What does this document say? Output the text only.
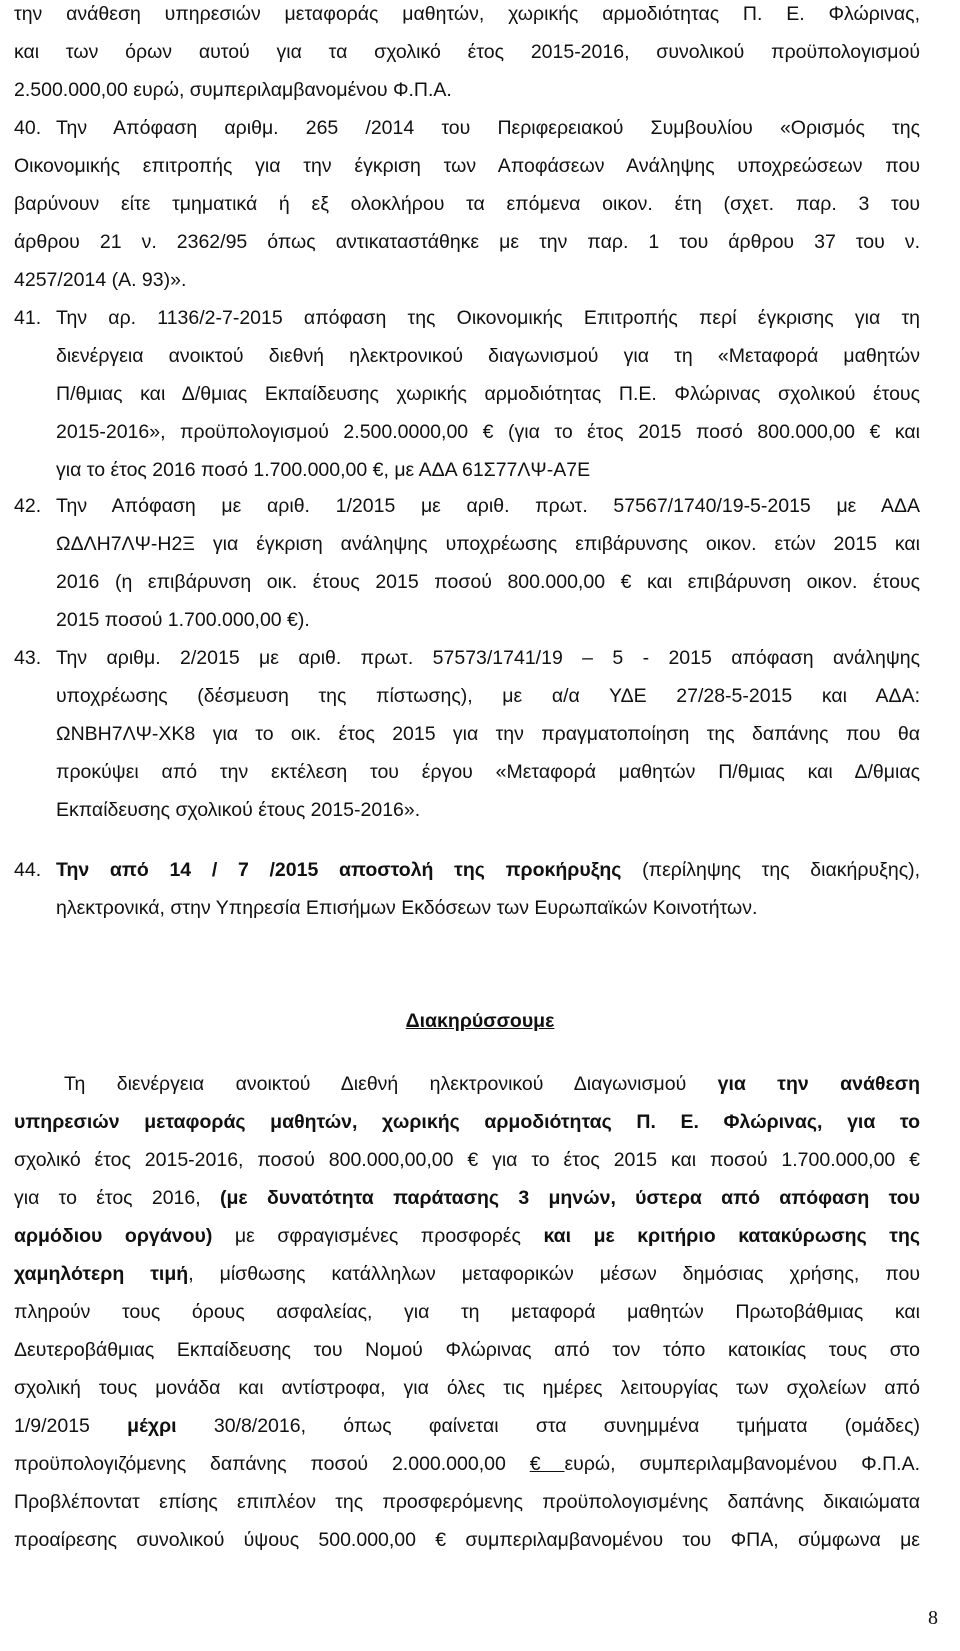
την ανάθεση υπηρεσιών μεταφοράς μαθητών, χωρικής αρμοδιότητας Π. Ε. Φλώρινας,
και των όρων αυτού για τα σχολικό έτος 2015-2016, συνολικού προϋπολογισμού
2.500.000,00 ευρώ, συμπεριλαμβανομένου Φ.Π.Α.
40. Την Απόφαση αριθμ. 265 /2014 του Περιφερειακού Συμβουλίου «Ορισμός της
Οικονομικής επιτροπής για την έγκριση των Αποφάσεων Ανάληψης υποχρεώσεων που
βαρύνουν είτε τμηματικά ή εξ ολοκλήρου τα επόμενα οικον. έτη (σχετ. παρ. 3 του
άρθρου 21 ν. 2362/95 όπως αντικαταστάθηκε με την παρ. 1 του άρθρου 37 του ν.
4257/2014 (Α. 93)».
41. Την αρ. 1136/2-7-2015 απόφαση της Οικονομικής Επιτροπής περί έγκρισης για τη
διενέργεια ανοικτού διεθνή ηλεκτρονικού διαγωνισμού για τη «Μεταφορά μαθητών
Π/θμιας και Δ/θμιας Εκπαίδευσης χωρικής αρμοδιότητας Π.Ε. Φλώρινας σχολικού έτους
2015-2016», προϋπολογισμού 2.500.0000,00 € (για το έτος 2015 ποσό 800.000,00 € και
για το έτος 2016 ποσό 1.700.000,00 €, με ΑΔΑ 61Σ77ΛΨ-Α7Ε
42. Την Απόφαση με αριθ. 1/2015 με αριθ. πρωτ. 57567/1740/19-5-2015 με ΑΔΑ
ΩΔΛΗ7ΛΨ-Η2Ξ για έγκριση ανάληψης υποχρέωσης επιβάρυνσης οικον. ετών 2015 και
2016 (η επιβάρυνση οικ. έτους 2015 ποσού 800.000,00 € και επιβάρυνση οικον. έτους
2015 ποσού 1.700.000,00 €).
43. Την αριθμ. 2/2015 με αριθ. πρωτ. 57573/1741/19 – 5 - 2015 απόφαση ανάληψης
υποχρέωσης (δέσμευση της πίστωσης), με α/α ΥΔΕ 27/28-5-2015 και ΑΔΑ:
ΩΝΒΗ7ΛΨ-ΧΚ8 για το οικ. έτος 2015 για την πραγματοποίηση της δαπάνης που θα
προκύψει από την εκτέλεση του έργου «Μεταφορά μαθητών Π/θμιας και Δ/θμιας
Εκπαίδευσης σχολικού έτους 2015-2016».
44. Την από 14 / 7 /2015 αποστολή της προκήρυξης (περίληψης της διακήρυξης),
ηλεκτρονικά, στην Υπηρεσία Επισήμων Εκδόσεων των Ευρωπαϊκών Κοινοτήτων.
Διακηρύσσουμε
Τη διενέργεια ανοικτού Διεθνή ηλεκτρονικού Διαγωνισμού για την ανάθεση
υπηρεσιών μεταφοράς μαθητών, χωρικής αρμοδιότητας Π. Ε. Φλώρινας, για το
σχολικό έτος 2015-2016, ποσού 800.000,00,00 € για το έτος 2015 και ποσού 1.700.000,00 €
για το έτος 2016, (με δυνατότητα παράτασης 3 μηνών, ύστερα από απόφαση του
αρμόδιου οργάνου) με σφραγισμένες προσφορές και με κριτήριο κατακύρωσης της
χαμηλότερη τιμή, μίσθωσης κατάλληλων μεταφορικών μέσων δημόσιας χρήσης, που
πληρούν τους όρους ασφαλείας, για τη μεταφορά μαθητών Πρωτοβάθμιας και
Δευτεροβάθμιας Εκπαίδευσης του Νομού Φλώρινας από τον τόπο κατοικίας τους στο
σχολική τους μονάδα και αντίστροφα, για όλες τις ημέρες λειτουργίας των σχολείων από
1/9/2015 μέχρι 30/8/2016, όπως φαίνεται στα συνημμένα τμήματα (ομάδες)
προϋπολογιζόμενης δαπάνης ποσού 2.000.000,00 € ευρώ, συμπεριλαμβανομένου Φ.Π.Α.
Προβλέποντατ επίσης επιπλέον της προσφερόμενης προϋπολογισμένης δαπάνης δικαιώματα
προαίρεσης συνολικού ύψους 500.000,00 € συμπεριλαμβανομένου του ΦΠΑ, σύμφωνα με
8
